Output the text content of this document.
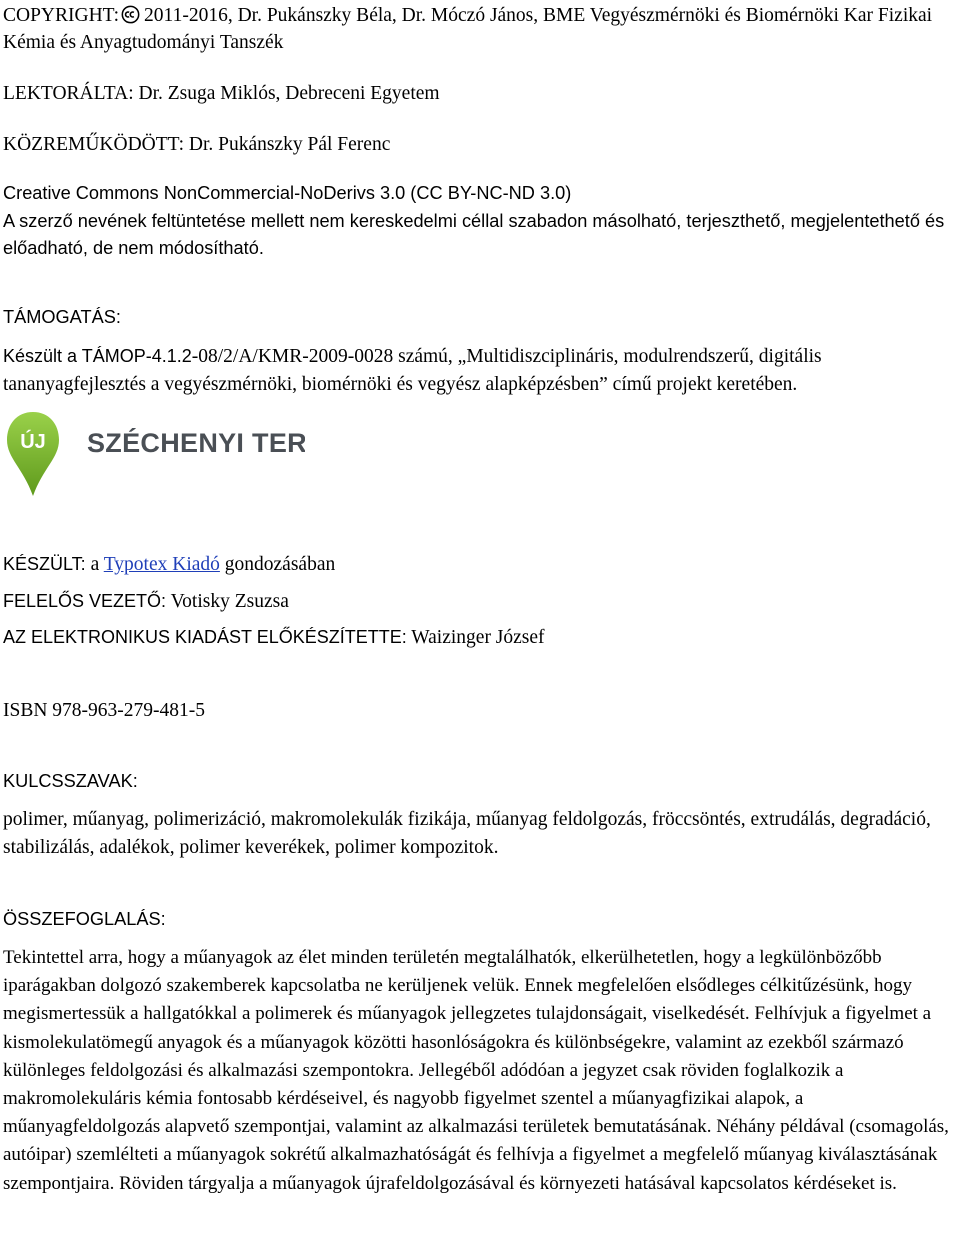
COPYRIGHT: 2011-2016, Dr. Pukánszky Béla, Dr. Móczó János, BME Vegyészmérnöki és Biomérnöki Kar Fizikai Kémia és Anyagtudományi Tanszék
LEKTORÁLTA: Dr. Zsuga Miklós, Debreceni Egyetem
KÖZREMŰKÖDÖTT: Dr. Pukánszky Pál Ferenc
Creative Commons NonCommercial-NoDerivs 3.0 (CC BY-NC-ND 3.0)
A szerző nevének feltüntetése mellett nem kereskedelmi céllal szabadon másolható, terjeszthető, megjelentethető és előadható, de nem módosítható.
TÁMOGATÁS:
Készült a TÁMOP-4.1.2-08/2/A/KMR-2009-0028 számú, „Multidiszciplináris, modulrendszerű, digitális tananyagfejlesztés a vegyészmérnöki, biomérnöki és vegyész alapképzésben” című projekt keretében.
ÚJ SZÉCHENYI TERV
KÉSZÜLT: a Typotex Kiadó gondozásában
FELELŐS VEZETŐ: Votisky Zsuzsa
AZ ELEKTRONIKUS KIADÁST ELŐKÉSZÍTETTE: Waizinger József
ISBN 978-963-279-481-5
KULCSSZAVAK:
polimer, műanyag, polimerizáció, makromolekulák fizikája, műanyag feldolgozás, fröccsöntés, extrudálás, degradáció, stabilizálás, adalékok, polimer keverékek, polimer kompozitok.
ÖSSZEFOGLALÁS:
Tekintettel arra, hogy a műanyagok az élet minden területén megtalálhatók, elkerülhetetlen, hogy a legkülönbözőbb iparágakban dolgozó szakemberek kapcsolatba ne kerüljenek velük. Ennek megfelelően elsődleges célkitűzésünk, hogy megismertessük a hallgatókkal a polimerek és műanyagok jellegzetes tulajdonságait, viselkedését. Felhívjuk a figyelmet a kismolekulatömegű anyagok és a műanyagok közötti hasonlóságokra és különbségekre, valamint az ezekből származó különleges feldolgozási és alkalmazási szempontokra. Jellegéből adódóan a jegyzet csak röviden foglalkozik a makromolekuláris kémia fontosabb kérdéseivel, és nagyobb figyelmet szentel a műanyagfizikai alapok, a műanyagfeldolgozás alapvető szempontjai, valamint az alkalmazási területek bemutatásának. Néhány példával (csomagolás, autóipar) szemlélteti a műanyagok sokrétű alkalmazhatóságát és felhívja a figyelmet a megfelelő műanyag kiválasztásának szempontjaira. Röviden tárgyalja a műanyagok újrafeldolgozásával és környezeti hatásával kapcsolatos kérdéseket is.
